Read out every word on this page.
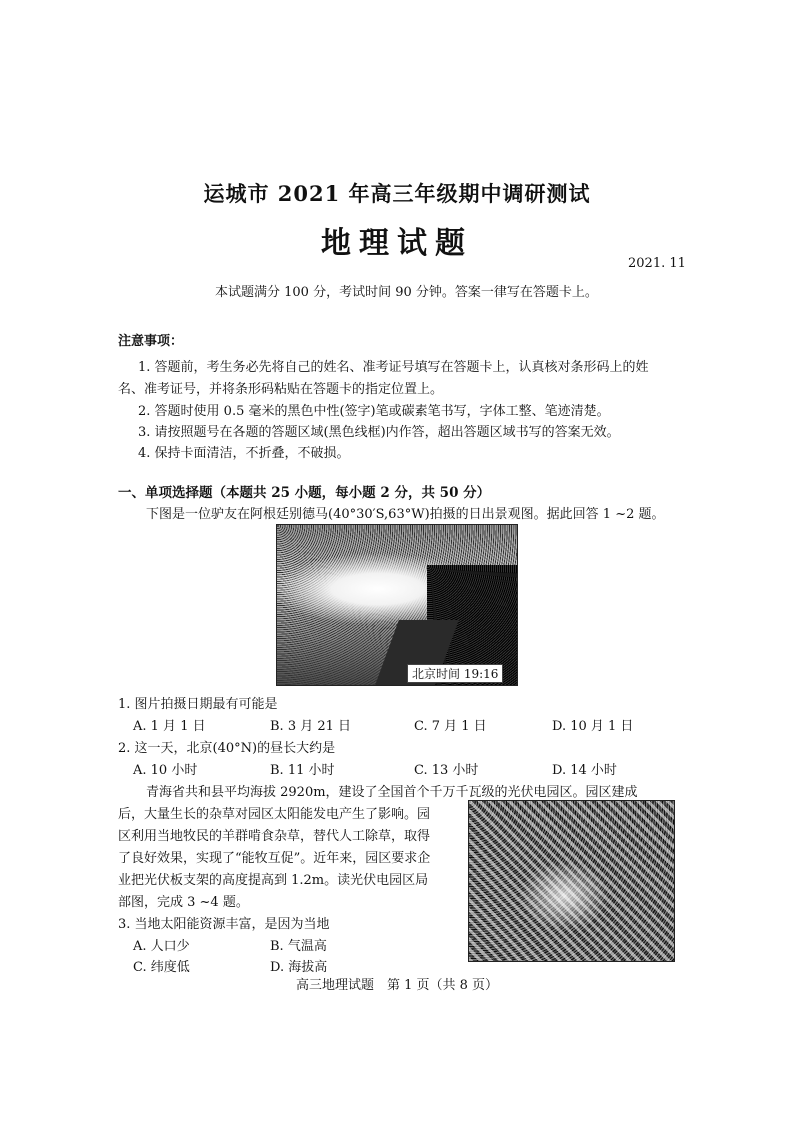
运城市 2021 年高三年级期中调研测试
地理试题
2021. 11
本试题满分 100 分，考试时间 90 分钟。答案一律写在答题卡上。
注意事项：
1. 答题前，考生务必先将自己的姓名、准考证号填写在答题卡上，认真核对条形码上的姓
名、准考证号，并将条形码粘贴在答题卡的指定位置上。
2. 答题时使用 0.5 毫米的黑色中性(签字)笔或碳素笔书写，字体工整、笔迹清楚。
3. 请按照题号在各题的答题区域(黑色线框)内作答，超出答题区域书写的答案无效。
4. 保持卡面清洁，不折叠，不破损。
一、单项选择题（本题共 25 小题，每小题 2 分，共 50 分）
下图是一位驴友在阿根廷别德马(40°30′S,63°W)拍摄的日出景观图。据此回答 1 ~2 题。
北京时间 19:16
1. 图片拍摄日期最有可能是
A. 1 月 1 日	B. 3 月 21 日	C. 7 月 1 日	D. 10 月 1 日
2. 这一天，北京(40°N)的昼长大约是
A. 10 小时	B. 11 小时	C. 13 小时	D. 14 小时
青海省共和县平均海拔 2920m，建设了全国首个千万千瓦级的光伏电园区。园区建成
后，大量生长的杂草对园区太阳能发电产生了影响。园
区利用当地牧民的羊群啃食杂草，替代人工除草，取得
了良好效果，实现了“能牧互促”。近年来，园区要求企
业把光伏板支架的高度提高到 1.2m。读光伏电园区局
部图，完成 3 ~4 题。
3. 当地太阳能资源丰富，是因为当地
A. 人口少	B. 气温高
C. 纬度低	D. 海拔高
高三地理试题　第 1 页（共 8 页）
